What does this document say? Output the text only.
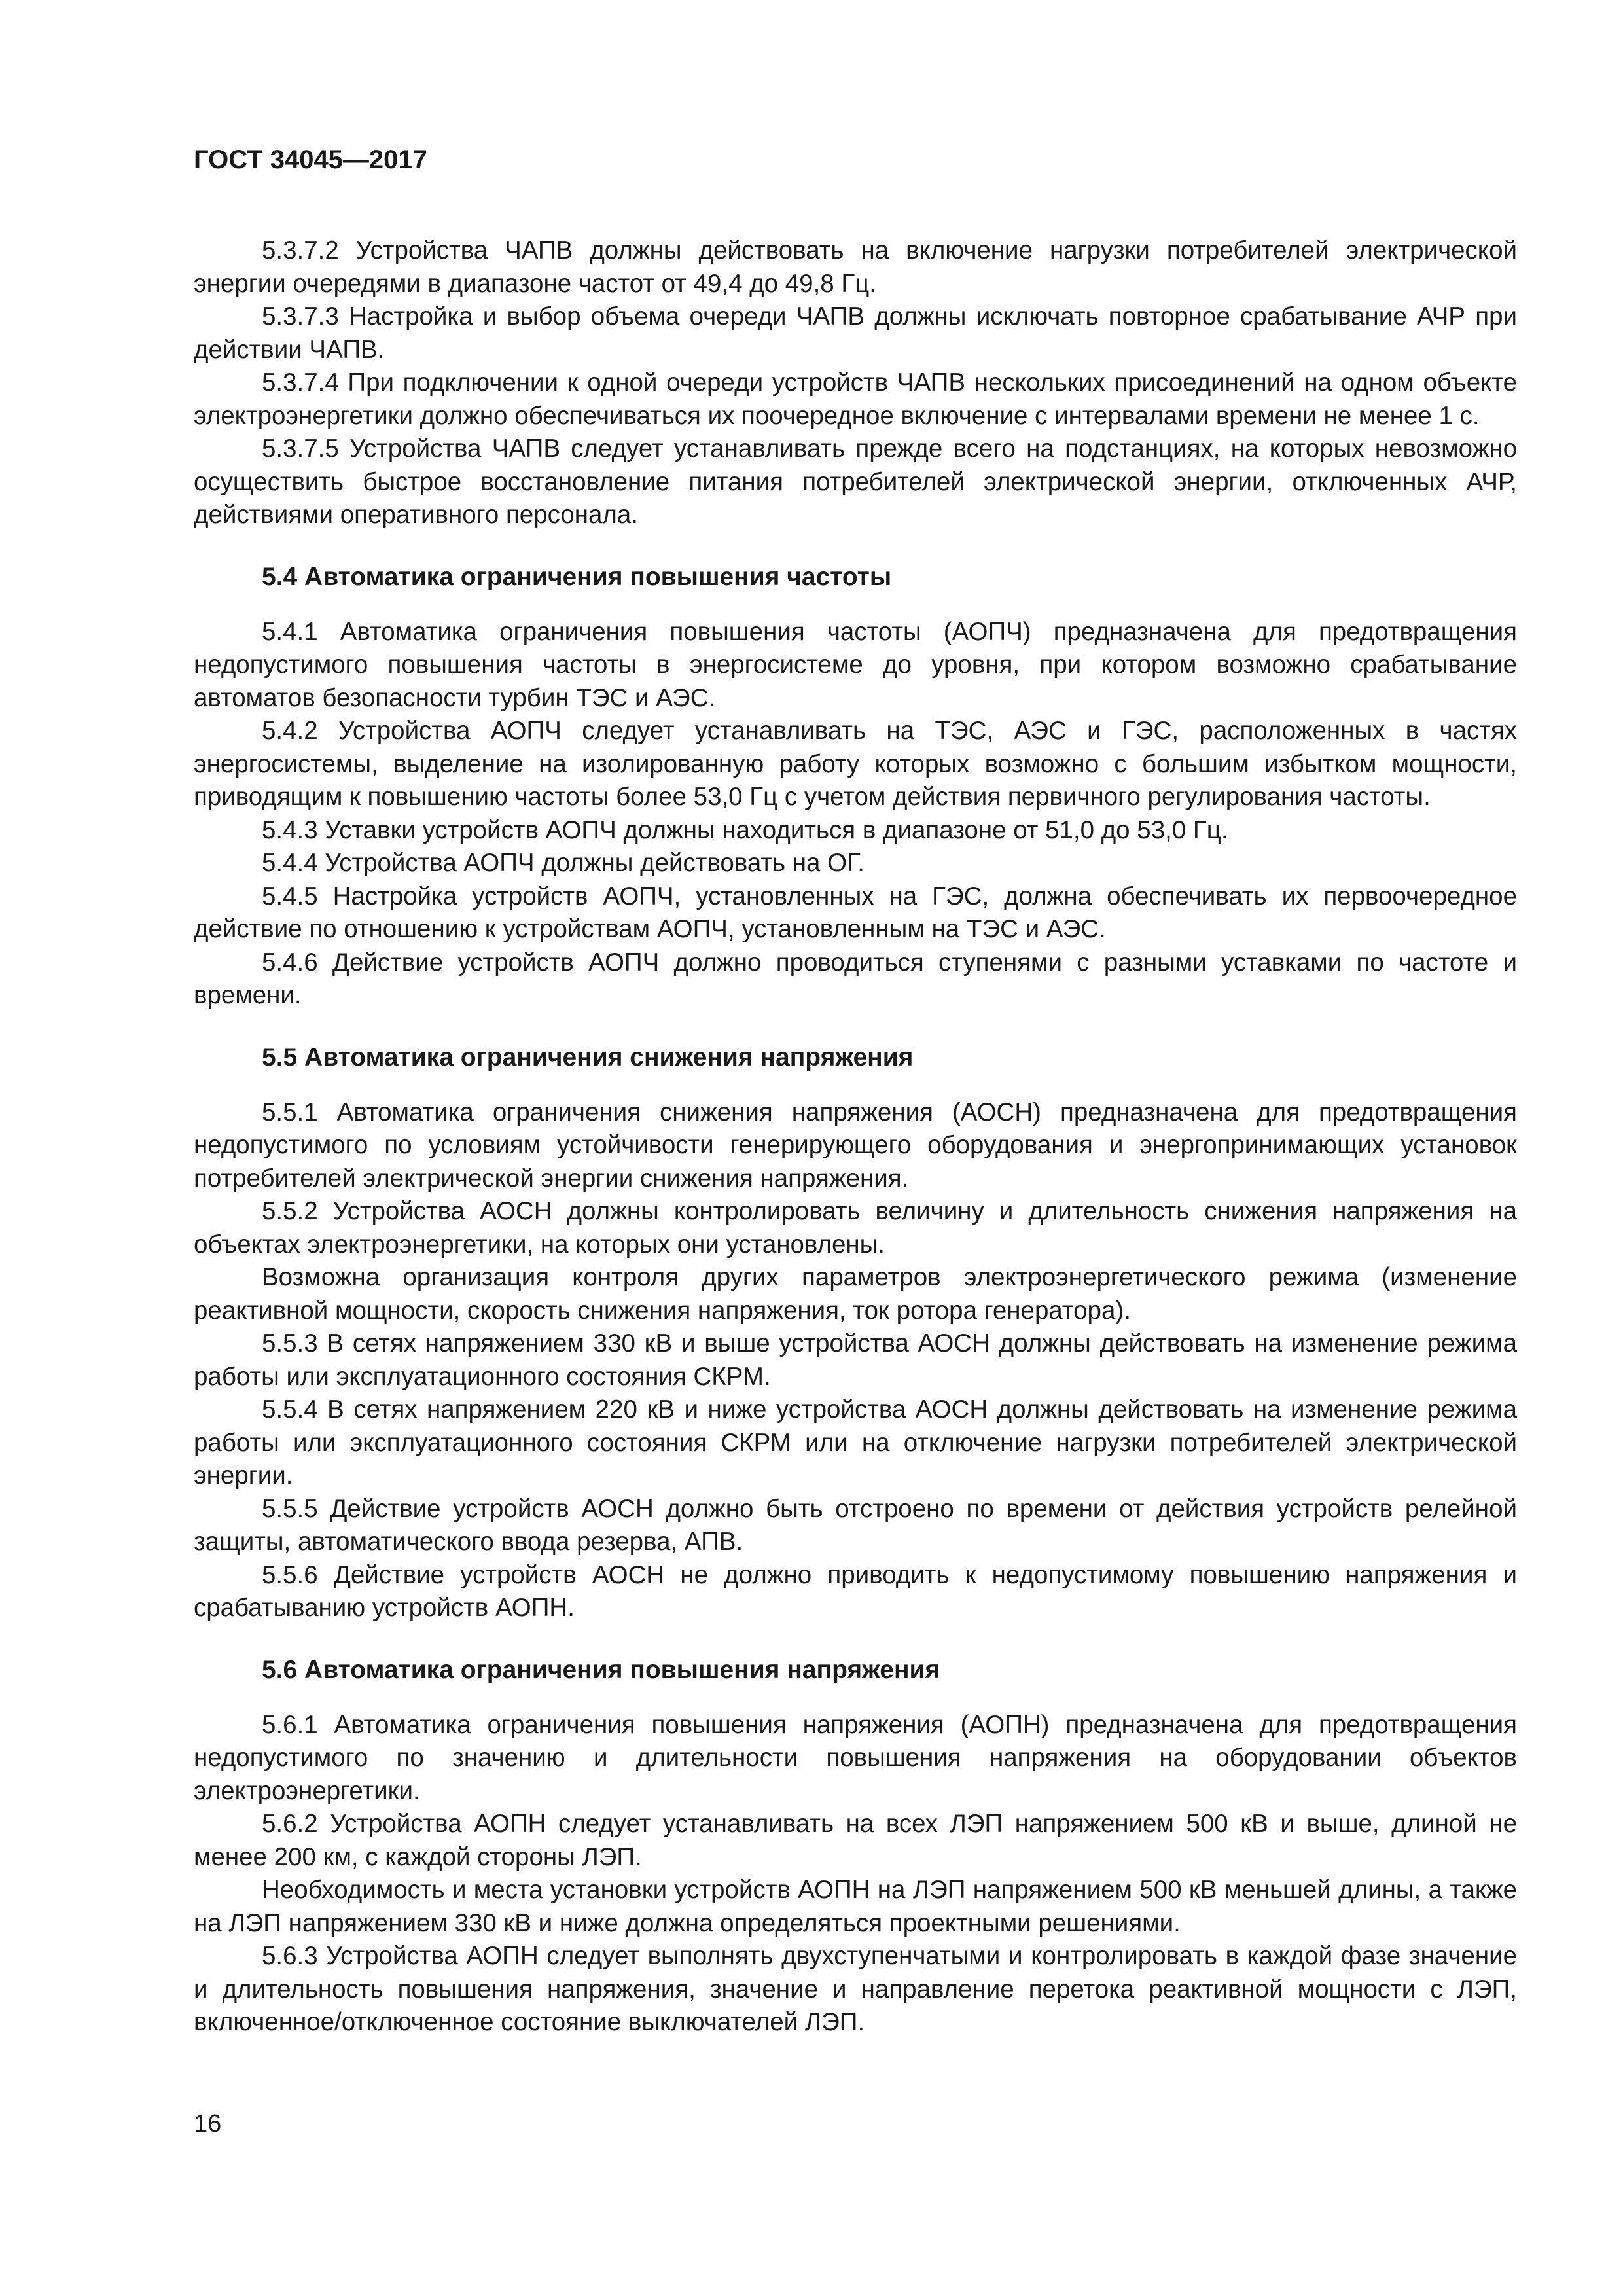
ГОСТ 34045—2017

5.3.7.2 Устройства ЧАПВ должны действовать на включение нагрузки потребителей электрической энергии очередями в диапазоне частот от 49,4 до 49,8 Гц.

5.3.7.3 Настройка и выбор объема очереди ЧАПВ должны исключать повторное срабатывание АЧР при действии ЧАПВ.

5.3.7.4 При подключении к одной очереди устройств ЧАПВ нескольких присоединений на одном объекте электроэнергетики должно обеспечиваться их поочередное включение с интервалами времени не менее 1 с.

5.3.7.5 Устройства ЧАПВ следует устанавливать прежде всего на подстанциях, на которых невозможно осуществить быстрое восстановление питания потребителей электрической энергии, отключенных АЧР, действиями оперативного персонала.

5.4 Автоматика ограничения повышения частоты

5.4.1 Автоматика ограничения повышения частоты (АОПЧ) предназначена для предотвращения недопустимого повышения частоты в энергосистеме до уровня, при котором возможно срабатывание автоматов безопасности турбин ТЭС и АЭС.

5.4.2 Устройства АОПЧ следует устанавливать на ТЭС, АЭС и ГЭС, расположенных в частях энергосистемы, выделение на изолированную работу которых возможно с большим избытком мощности, приводящим к повышению частоты более 53,0 Гц с учетом действия первичного регулирования частоты.

5.4.3 Уставки устройств АОПЧ должны находиться в диапазоне от 51,0 до 53,0 Гц.

5.4.4 Устройства АОПЧ должны действовать на ОГ.

5.4.5 Настройка устройств АОПЧ, установленных на ГЭС, должна обеспечивать их первоочередное действие по отношению к устройствам АОПЧ, установленным на ТЭС и АЭС.

5.4.6 Действие устройств АОПЧ должно проводиться ступенями с разными уставками по частоте и времени.

5.5 Автоматика ограничения снижения напряжения

5.5.1 Автоматика ограничения снижения напряжения (АОСН) предназначена для предотвращения недопустимого по условиям устойчивости генерирующего оборудования и энергопринимающих установок потребителей электрической энергии снижения напряжения.

5.5.2 Устройства АОСН должны контролировать величину и длительность снижения напряжения на объектах электроэнергетики, на которых они установлены.

Возможна организация контроля других параметров электроэнергетического режима (изменение реактивной мощности, скорость снижения напряжения, ток ротора генератора).

5.5.3 В сетях напряжением 330 кВ и выше устройства АОСН должны действовать на изменение режима работы или эксплуатационного состояния СКРМ.

5.5.4 В сетях напряжением 220 кВ и ниже устройства АОСН должны действовать на изменение режима работы или эксплуатационного состояния СКРМ или на отключение нагрузки потребителей электрической энергии.

5.5.5 Действие устройств АОСН должно быть отстроено по времени от действия устройств релейной защиты, автоматического ввода резерва, АПВ.

5.5.6 Действие устройств АОСН не должно приводить к недопустимому повышению напряжения и срабатыванию устройств АОПН.

5.6 Автоматика ограничения повышения напряжения

5.6.1 Автоматика ограничения повышения напряжения (АОПН) предназначена для предотвращения недопустимого по значению и длительности повышения напряжения на оборудовании объектов электроэнергетики.

5.6.2 Устройства АОПН следует устанавливать на всех ЛЭП напряжением 500 кВ и выше, длиной не менее 200 км, с каждой стороны ЛЭП.

Необходимость и места установки устройств АОПН на ЛЭП напряжением 500 кВ меньшей длины, а также на ЛЭП напряжением 330 кВ и ниже должна определяться проектными решениями.

5.6.3 Устройства АОПН следует выполнять двухступенчатыми и контролировать в каждой фазе значение и длительность повышения напряжения, значение и направление перетока реактивной мощности с ЛЭП, включенное/отключенное состояние выключателей ЛЭП.

16
